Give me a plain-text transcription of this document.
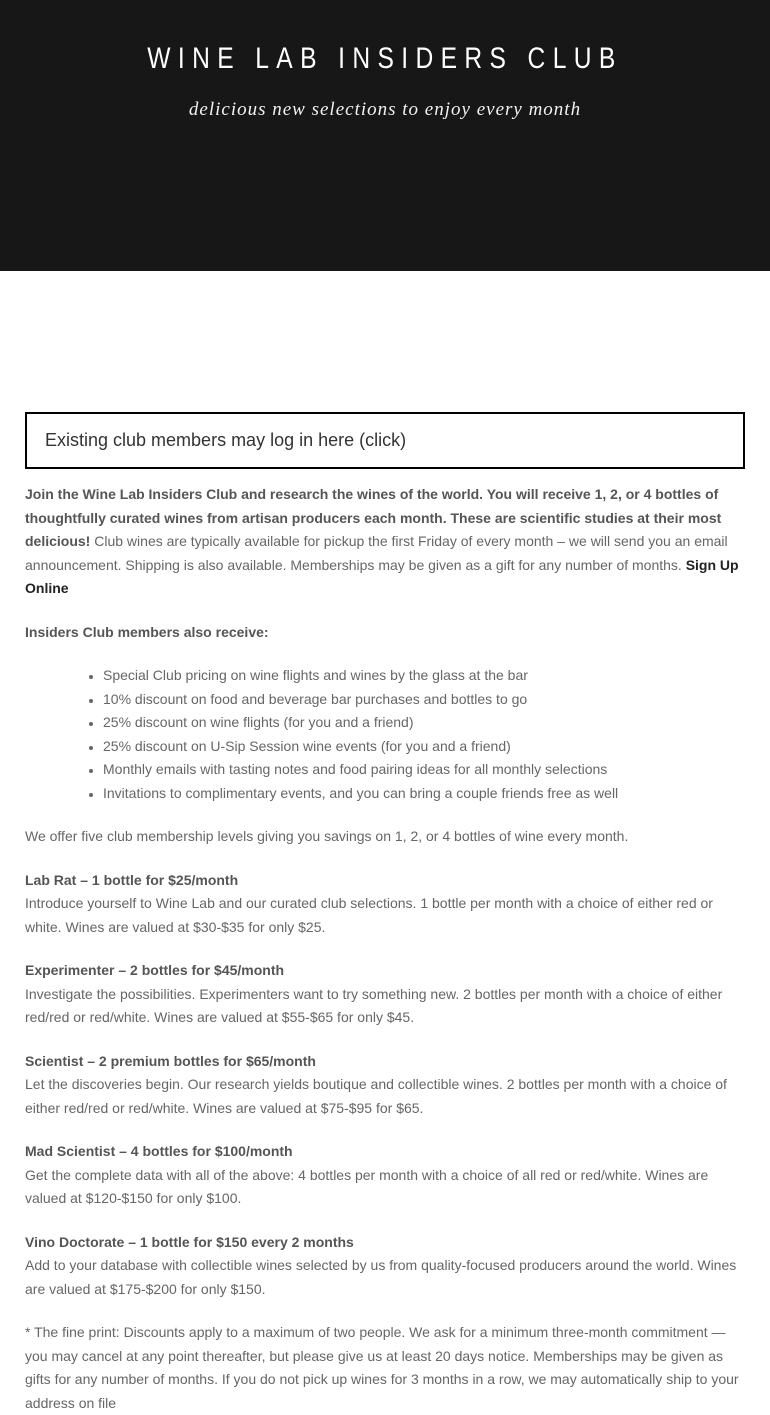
WINE LAB INSIDERS CLUB

delicious new selections to enjoy every month

Existing club members may log in here (click)

Join the Wine Lab Insiders Club and research the wines of the world. You will receive 1, 2, or 4 bottles of thoughtfully curated wines from artisan producers each month. These are scientific studies at their most delicious! Club wines are typically available for pickup the first Friday of every month – we will send you an email announcement. Shipping is also available. Memberships may be given as a gift for any number of months. Sign Up Online

Insiders Club members also receive:

• Special Club pricing on wine flights and wines by the glass at the bar
• 10% discount on food and beverage bar purchases and bottles to go
• 25% discount on wine flights (for you and a friend)
• 25% discount on U-Sip Session wine events (for you and a friend)
• Monthly emails with tasting notes and food pairing ideas for all monthly selections
• Invitations to complimentary events, and you can bring a couple friends free as well

We offer five club membership levels giving you savings on 1, 2, or 4 bottles of wine every month.

Lab Rat – 1 bottle for $25/month
Introduce yourself to Wine Lab and our curated club selections. 1 bottle per month with a choice of either red or white. Wines are valued at $30-$35 for only $25.

Experimenter – 2 bottles for $45/month
Investigate the possibilities. Experimenters want to try something new. 2 bottles per month with a choice of either red/red or red/white. Wines are valued at $55-$65 for only $45.

Scientist – 2 premium bottles for $65/month
Let the discoveries begin. Our research yields boutique and collectible wines. 2 bottles per month with a choice of either red/red or red/white. Wines are valued at $75-$95 for $65.

Mad Scientist – 4 bottles for $100/month
Get the complete data with all of the above: 4 bottles per month with a choice of all red or red/white. Wines are valued at $120-$150 for only $100.

Vino Doctorate – 1 bottle for $150 every 2 months
Add to your database with collectible wines selected by us from quality-focused producers around the world. Wines are valued at $175-$200 for only $150.

* The fine print: Discounts apply to a maximum of two people. We ask for a minimum three-month commitment — you may cancel at any point thereafter, but please give us at least 20 days notice. Memberships may be given as gifts for any number of months. If you do not pick up wines for 3 months in a row, we may automatically ship to your address on file
